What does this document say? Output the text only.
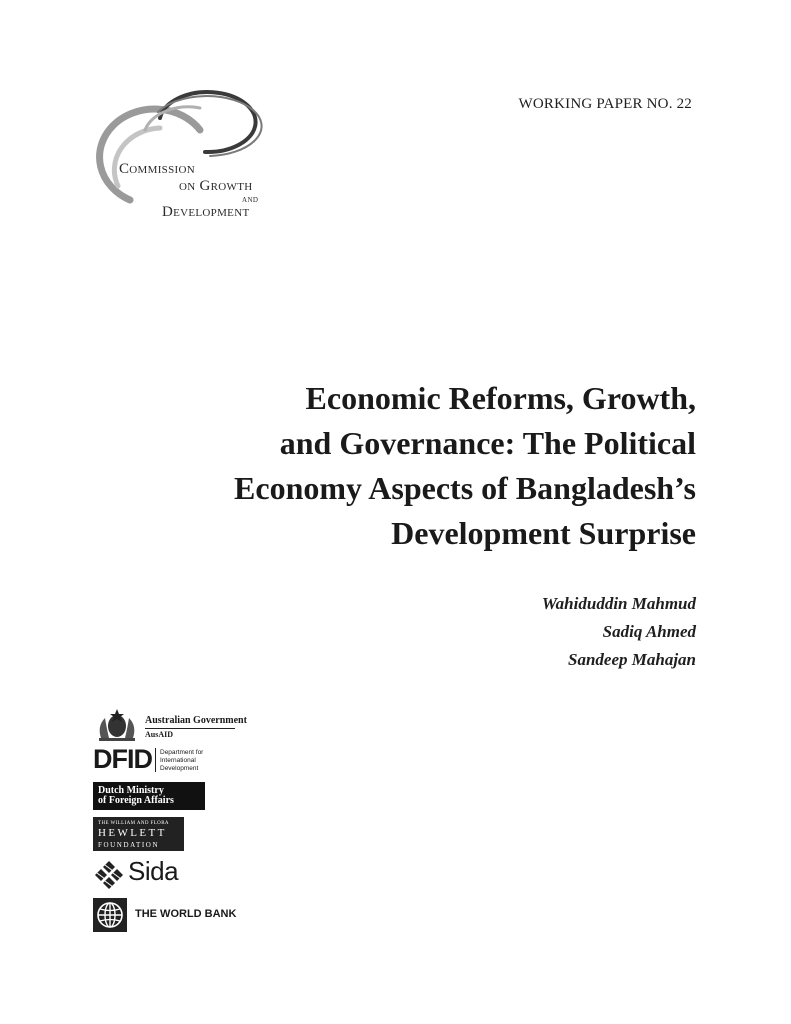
WORKING PAPER NO. 22
Commission
on Growth
and
Development
Economic Reforms, Growth,
and Governance: The Political
Economy Aspects of Bangladesh’s
Development Surprise
Wahiduddin Mahmud
Sadiq Ahmed
Sandeep Mahajan
Australian Government
AusAID
DFID Department for
International
Development
Dutch Ministry
of Foreign Affairs
THE WILLIAM AND FLORA
HEWLETT
FOUNDATION
Sida
THE WORLD BANK
